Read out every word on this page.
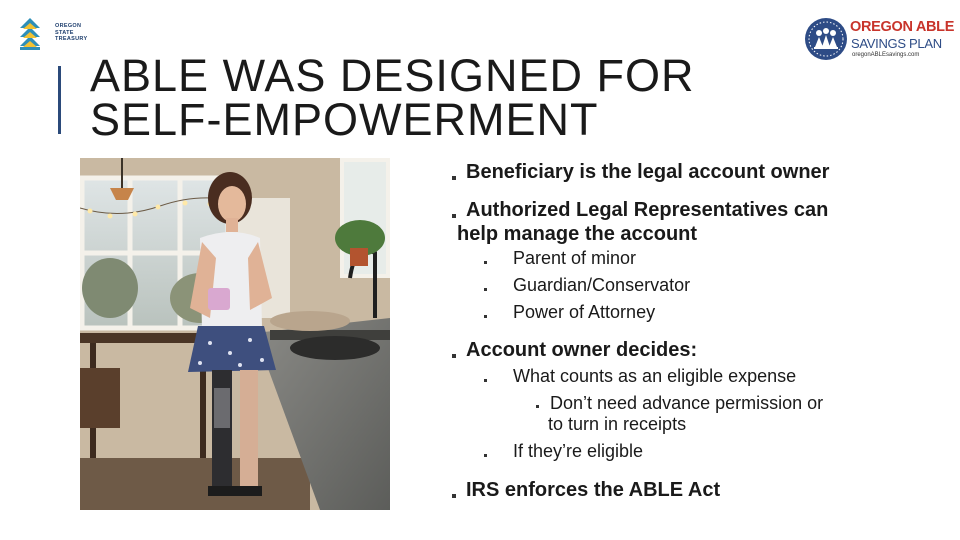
OREGON
STATE
TREASURY
ABLE WAS DESIGNED FOR
SELF-EMPOWERMENT
OREGON ABLE
SAVINGS PLAN
oregonABLEsavings.com
Beneficiary is the legal account owner
Authorized Legal Representatives can
help manage the account
Parent of minor
Guardian/Conservator
Power of Attorney
Account owner decides:
What counts as an eligible expense
Don’t need advance permission or
to turn in receipts
If they’re eligible
IRS enforces the ABLE Act
